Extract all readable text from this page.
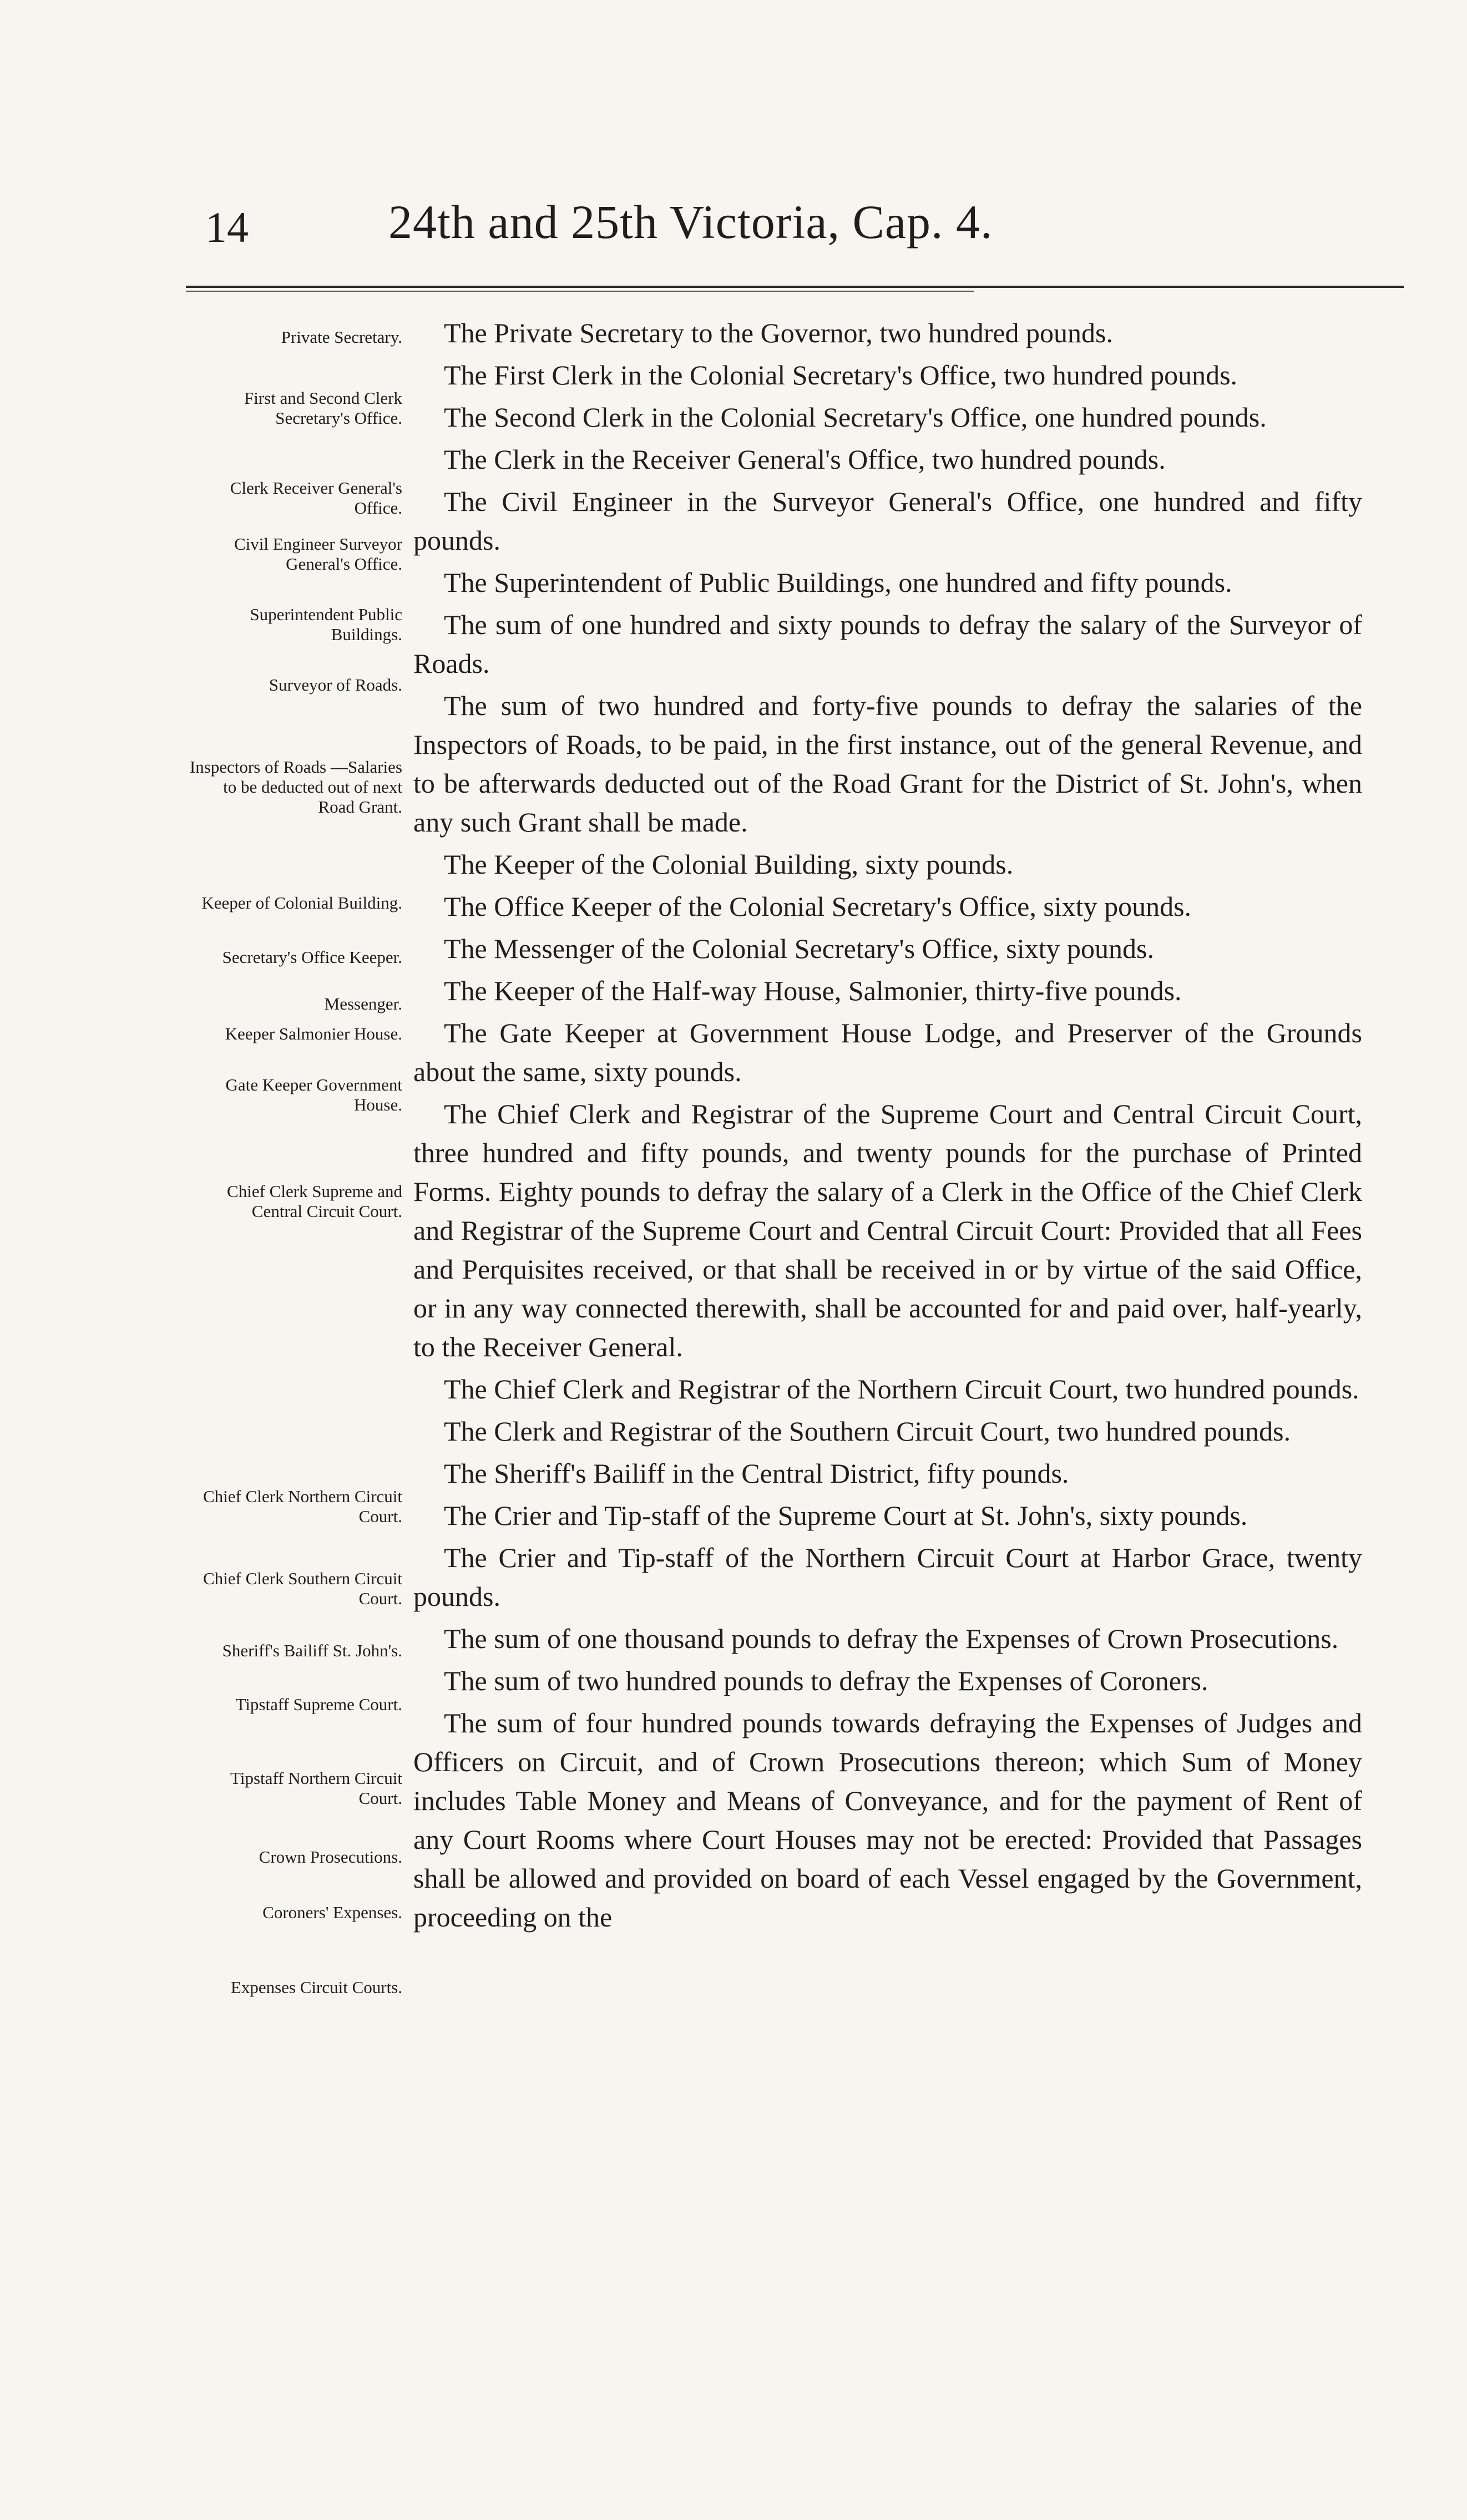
14	24th and 25th Victoria, Cap. 4.

The Private Secretary to the Governor, two hundred pounds.

The First Clerk in the Colonial Secretary's Office, two hundred pounds.

The Second Clerk in the Colonial Secretary's Office, one hundred pounds.

The Clerk in the Receiver General's Office, two hundred pounds.

The Civil Engineer in the Surveyor General's Office, one hundred and fifty pounds.

The Superintendent of Public Buildings, one hundred and fifty pounds.

The sum of one hundred and sixty pounds to defray the salary of the Surveyor of Roads.

The sum of two hundred and forty-five pounds to defray the salaries of the Inspectors of Roads, to be paid, in the first instance, out of the general Revenue, and to be afterwards deducted out of the Road Grant for the District of St. John's, when any such Grant shall be made.

The Keeper of the Colonial Building, sixty pounds.

The Office Keeper of the Colonial Secretary's Office, sixty pounds.

The Messenger of the Colonial Secretary's Office, sixty pounds.

The Keeper of the Half-way House, Salmonier, thirty-five pounds.

The Gate Keeper at Government House Lodge, and Preserver of the Grounds about the same, sixty pounds.

The Chief Clerk and Registrar of the Supreme Court and Central Circuit Court, three hundred and fifty pounds, and twenty pounds for the purchase of Printed Forms. Eighty pounds to defray the salary of a Clerk in the Office of the Chief Clerk and Registrar of the Supreme Court and Central Circuit Court: Provided that all Fees and Perquisites received, or that shall be received in or by virtue of the said Office, or in any way connected therewith, shall be accounted for and paid over, half-yearly, to the Receiver General.

The Chief Clerk and Registrar of the Northern Circuit Court, two hundred pounds.

The Clerk and Registrar of the Southern Circuit Court, two hundred pounds.

The Sheriff's Bailiff in the Central District, fifty pounds.

The Crier and Tip-staff of the Supreme Court at St. John's, sixty pounds.

The Crier and Tip-staff of the Northern Circuit Court at Harbor Grace, twenty pounds.

The sum of one thousand pounds to defray the Expenses of Crown Prosecutions.

The sum of two hundred pounds to defray the Expenses of Coroners.

The sum of four hundred pounds towards defraying the Expenses of Judges and Officers on Circuit, and of Crown Prosecutions thereon; which Sum of Money includes Table Money and Means of Conveyance, and for the payment of Rent of any Court Rooms where Court Houses may not be erected: Provided that Passages shall be allowed and provided on board of each Vessel engaged by the Government, proceeding on the

Private Secretary.
First and Second Clerk Secretary's Office.
Clerk Receiver General's Office.
Civil Engineer Surveyor General's Office.
Superintendent Public Buildings.
Surveyor of Roads.
Inspectors of Roads —Salaries to be deducted out of next Road Grant.
Keeper of Colonial Building.
Secretary's Office Keeper.
Messenger.
Keeper Salmonier House.
Gate Keeper Government House.
Chief Clerk Supreme and Central Circuit Court.
Chief Clerk Northern Circuit Court.
Chief Clerk Southern Circuit Court.
Sheriff's Bailiff St. John's.
Tipstaff Supreme Court.
Tipstaff Northern Circuit Court.
Crown Prosecutions.
Coroners' Expenses.
Expenses Circuit Courts.
